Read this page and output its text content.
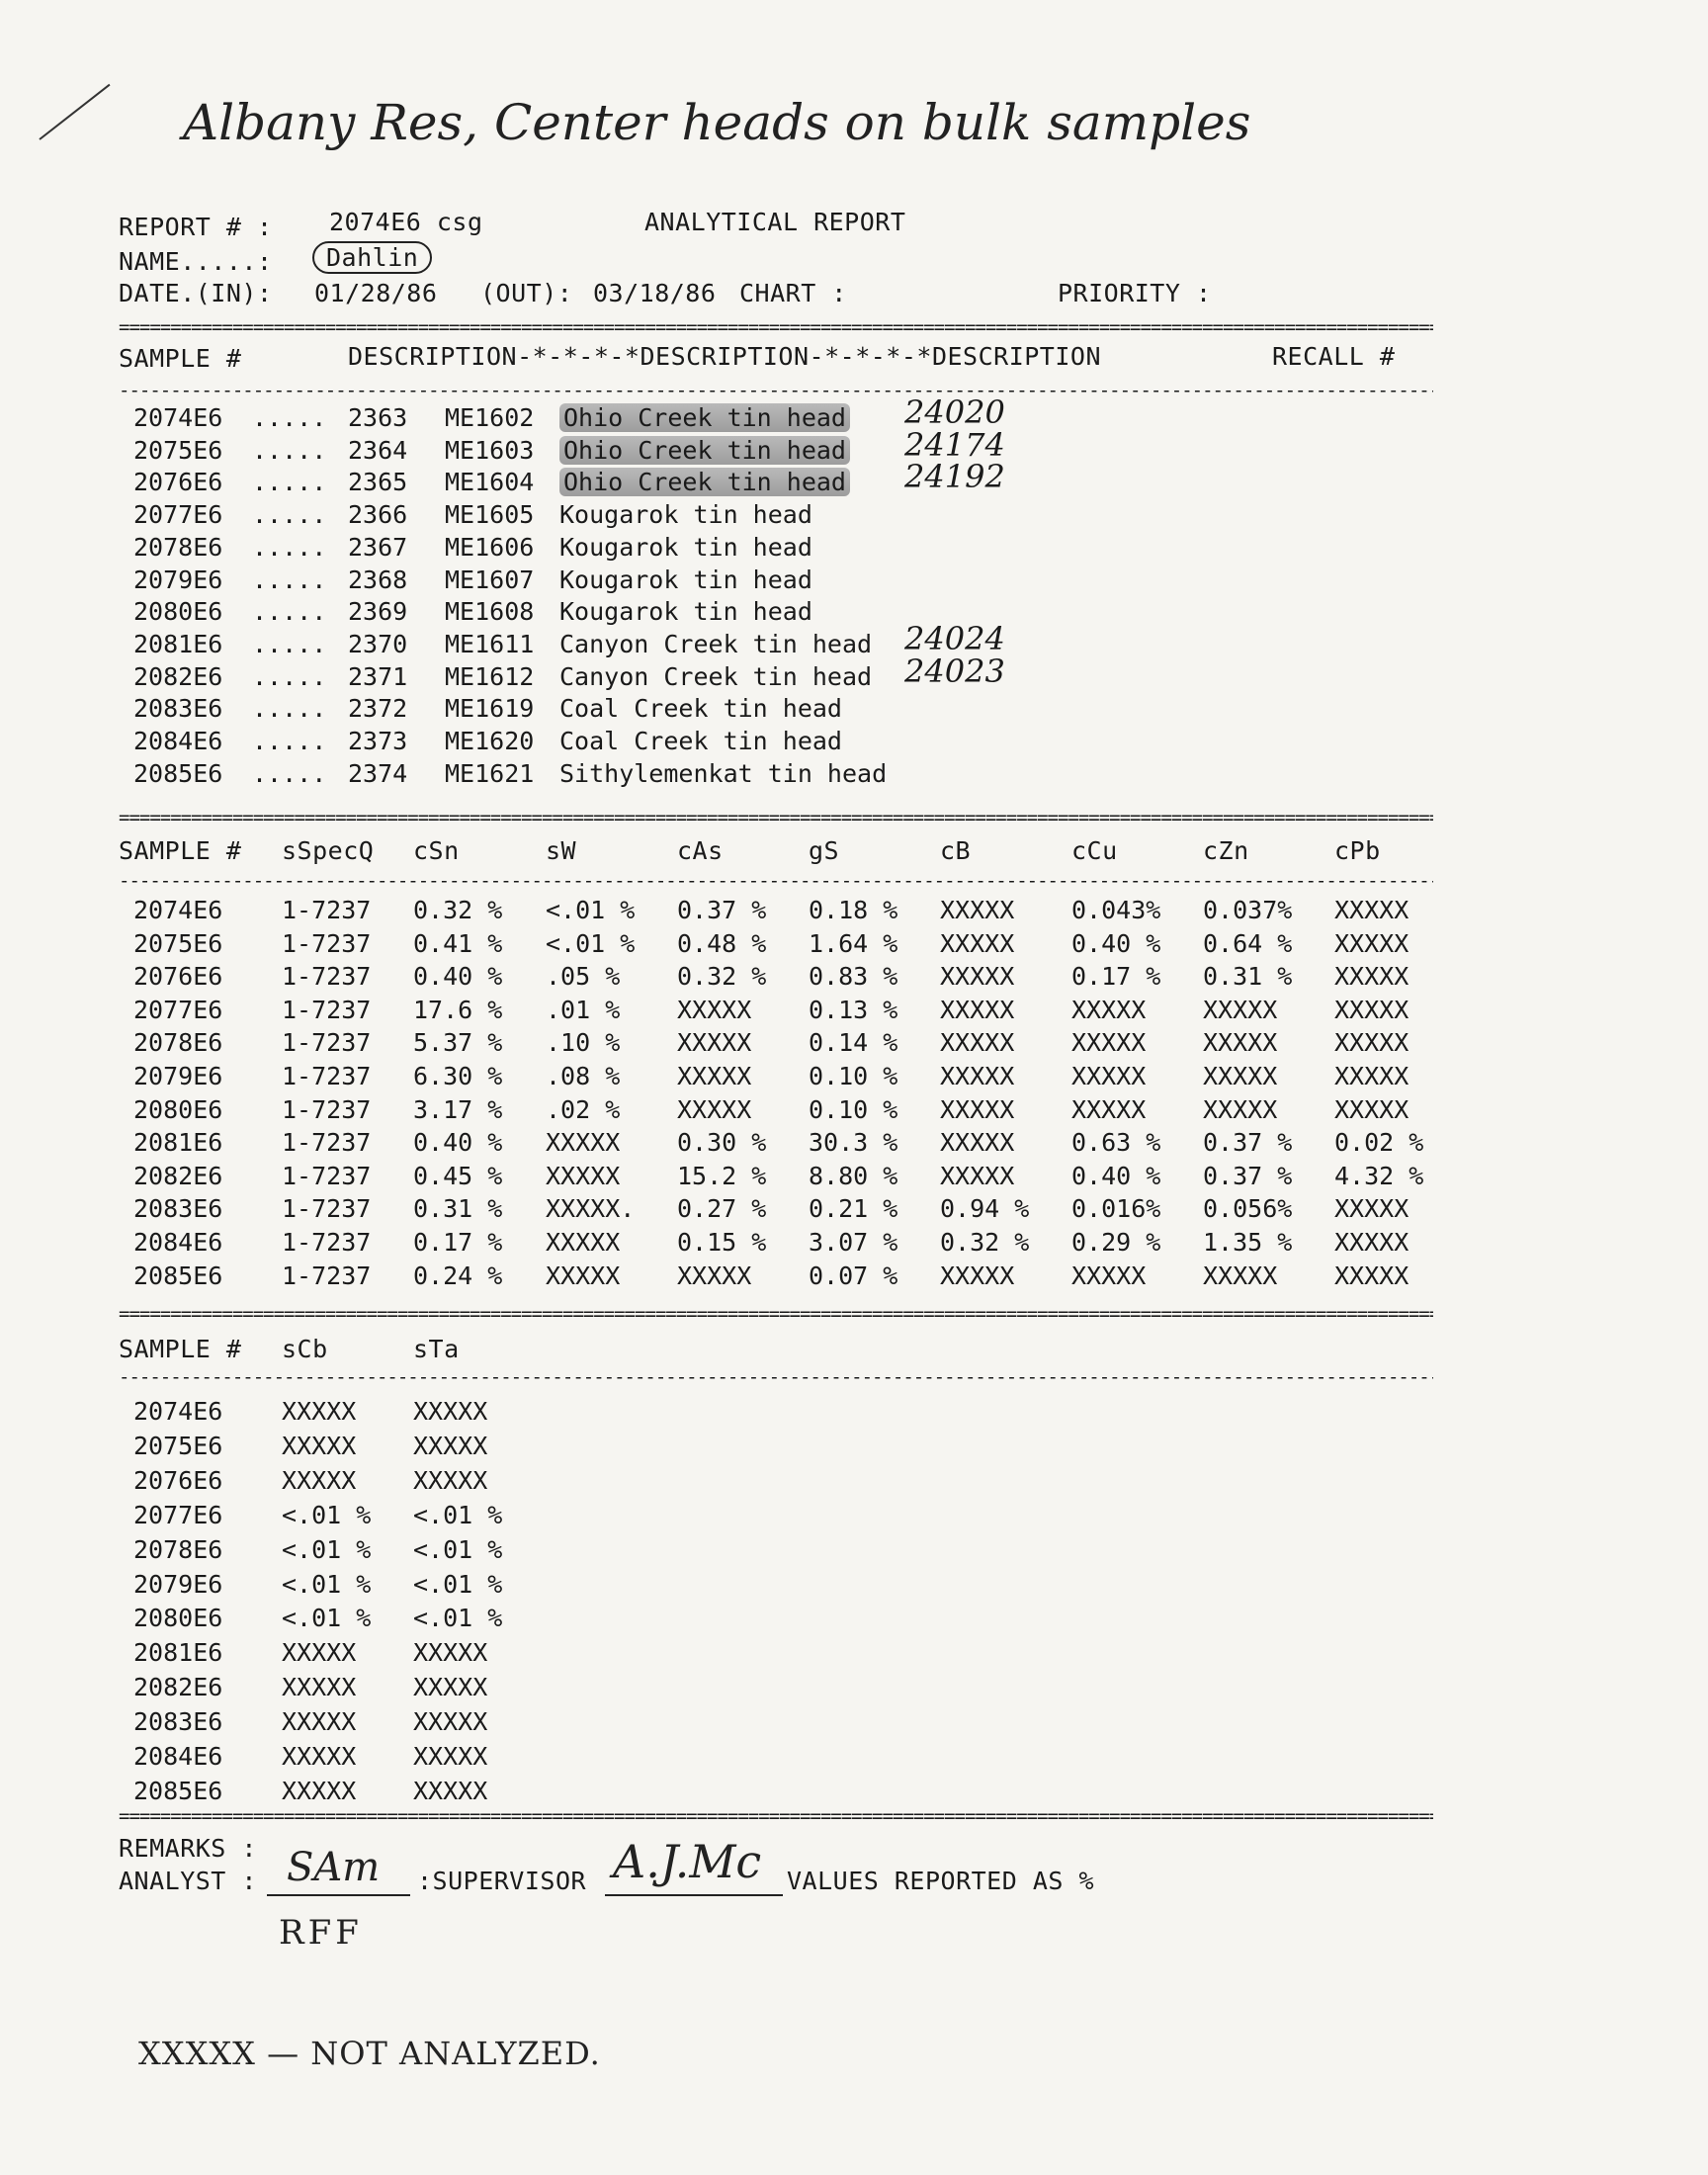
Albany Res, Center heads on bulk samples
REPORT # : 2074E6 csg	ANALYTICAL REPORT
NAME.....:	Dahlin
DATE.(IN): 01/28/86 (OUT): 03/18/86 CHART :	PRIORITY :
=====
SAMPLE #	DESCRIPTION-*-*-*-*DESCRIPTION-*-*-*-*DESCRIPTION	RECALL #
-----
2074E6 ..... 2363 ME1602 Ohio Creek tin head 24020
2075E6 ..... 2364 ME1603 Ohio Creek tin head 24174
2076E6 ..... 2365 ME1604 Ohio Creek tin head 24192
2077E6 ..... 2366 ME1605 Kougarok tin head
2078E6 ..... 2367 ME1606 Kougarok tin head
2079E6 ..... 2368 ME1607 Kougarok tin head
2080E6 ..... 2369 ME1608 Kougarok tin head
2081E6 ..... 2370 ME1611 Canyon Creek tin head 24024
2082E6 ..... 2371 ME1612 Canyon Creek tin head 24023
2083E6 ..... 2372 ME1619 Coal Creek tin head
2084E6 ..... 2373 ME1620 Coal Creek tin head
2085E6 ..... 2374 ME1621 Sithylemenkat tin head
=====
SAMPLE # sSpecQ cSn	sW	cAs	gS	cB	cCu	cZn	cPb
-----
2074E6 1-7237 0.32 % <.01 % 0.37 % 0.18 % XXXXX 0.043% 0.037% XXXXX
2075E6 1-7237 0.41 % <.01 % 0.48 % 1.64 % XXXXX 0.40 % 0.64 % XXXXX
2076E6 1-7237 0.40 % .05 % 0.32 % 0.83 % XXXXX 0.17 % 0.31 % XXXXX
2077E6 1-7237 17.6 % .01 % XXXXX 0.13 % XXXXX XXXXX XXXXX XXXXX
2078E6 1-7237 5.37 % .10 % XXXXX 0.14 % XXXXX XXXXX XXXXX XXXXX
2079E6 1-7237 6.30 % .08 % XXXXX 0.10 % XXXXX XXXXX XXXXX XXXXX
2080E6 1-7237 3.17 % .02 % XXXXX 0.10 % XXXXX XXXXX XXXXX XXXXX
2081E6 1-7237 0.40 % XXXXX 0.30 % 30.3 % XXXXX 0.63 % 0.37 % 0.02 %
2082E6 1-7237 0.45 % XXXXX 15.2 % 8.80 % XXXXX 0.40 % 0.37 % 4.32 %
2083E6 1-7237 0.31 % XXXXX. 0.27 % 0.21 % 0.94 % 0.016% 0.056% XXXXX
2084E6 1-7237 0.17 % XXXXX 0.15 % 3.07 % 0.32 % 0.29 % 1.35 % XXXXX
2085E6 1-7237 0.24 % XXXXX XXXXX 0.07 % XXXXX XXXXX XXXXX XXXXX
=====
SAMPLE # sCb	sTa
-----
2074E6 XXXXX XXXXX
2075E6 XXXXX XXXXX
2076E6 XXXXX XXXXX
2077E6 <.01 % <.01 %
2078E6 <.01 % <.01 %
2079E6 <.01 % <.01 %
2080E6 <.01 % <.01 %
2081E6 XXXXX XXXXX
2082E6 XXXXX XXXXX
2083E6 XXXXX XXXXX
2084E6 XXXXX XXXXX
2085E6 XXXXX XXXXX
=====
REMARKS :
ANALYST : SAm :SUPERVISOR A.J.Mc VALUES REPORTED AS %
RFF
XXXXX — NOT ANALYZED.
